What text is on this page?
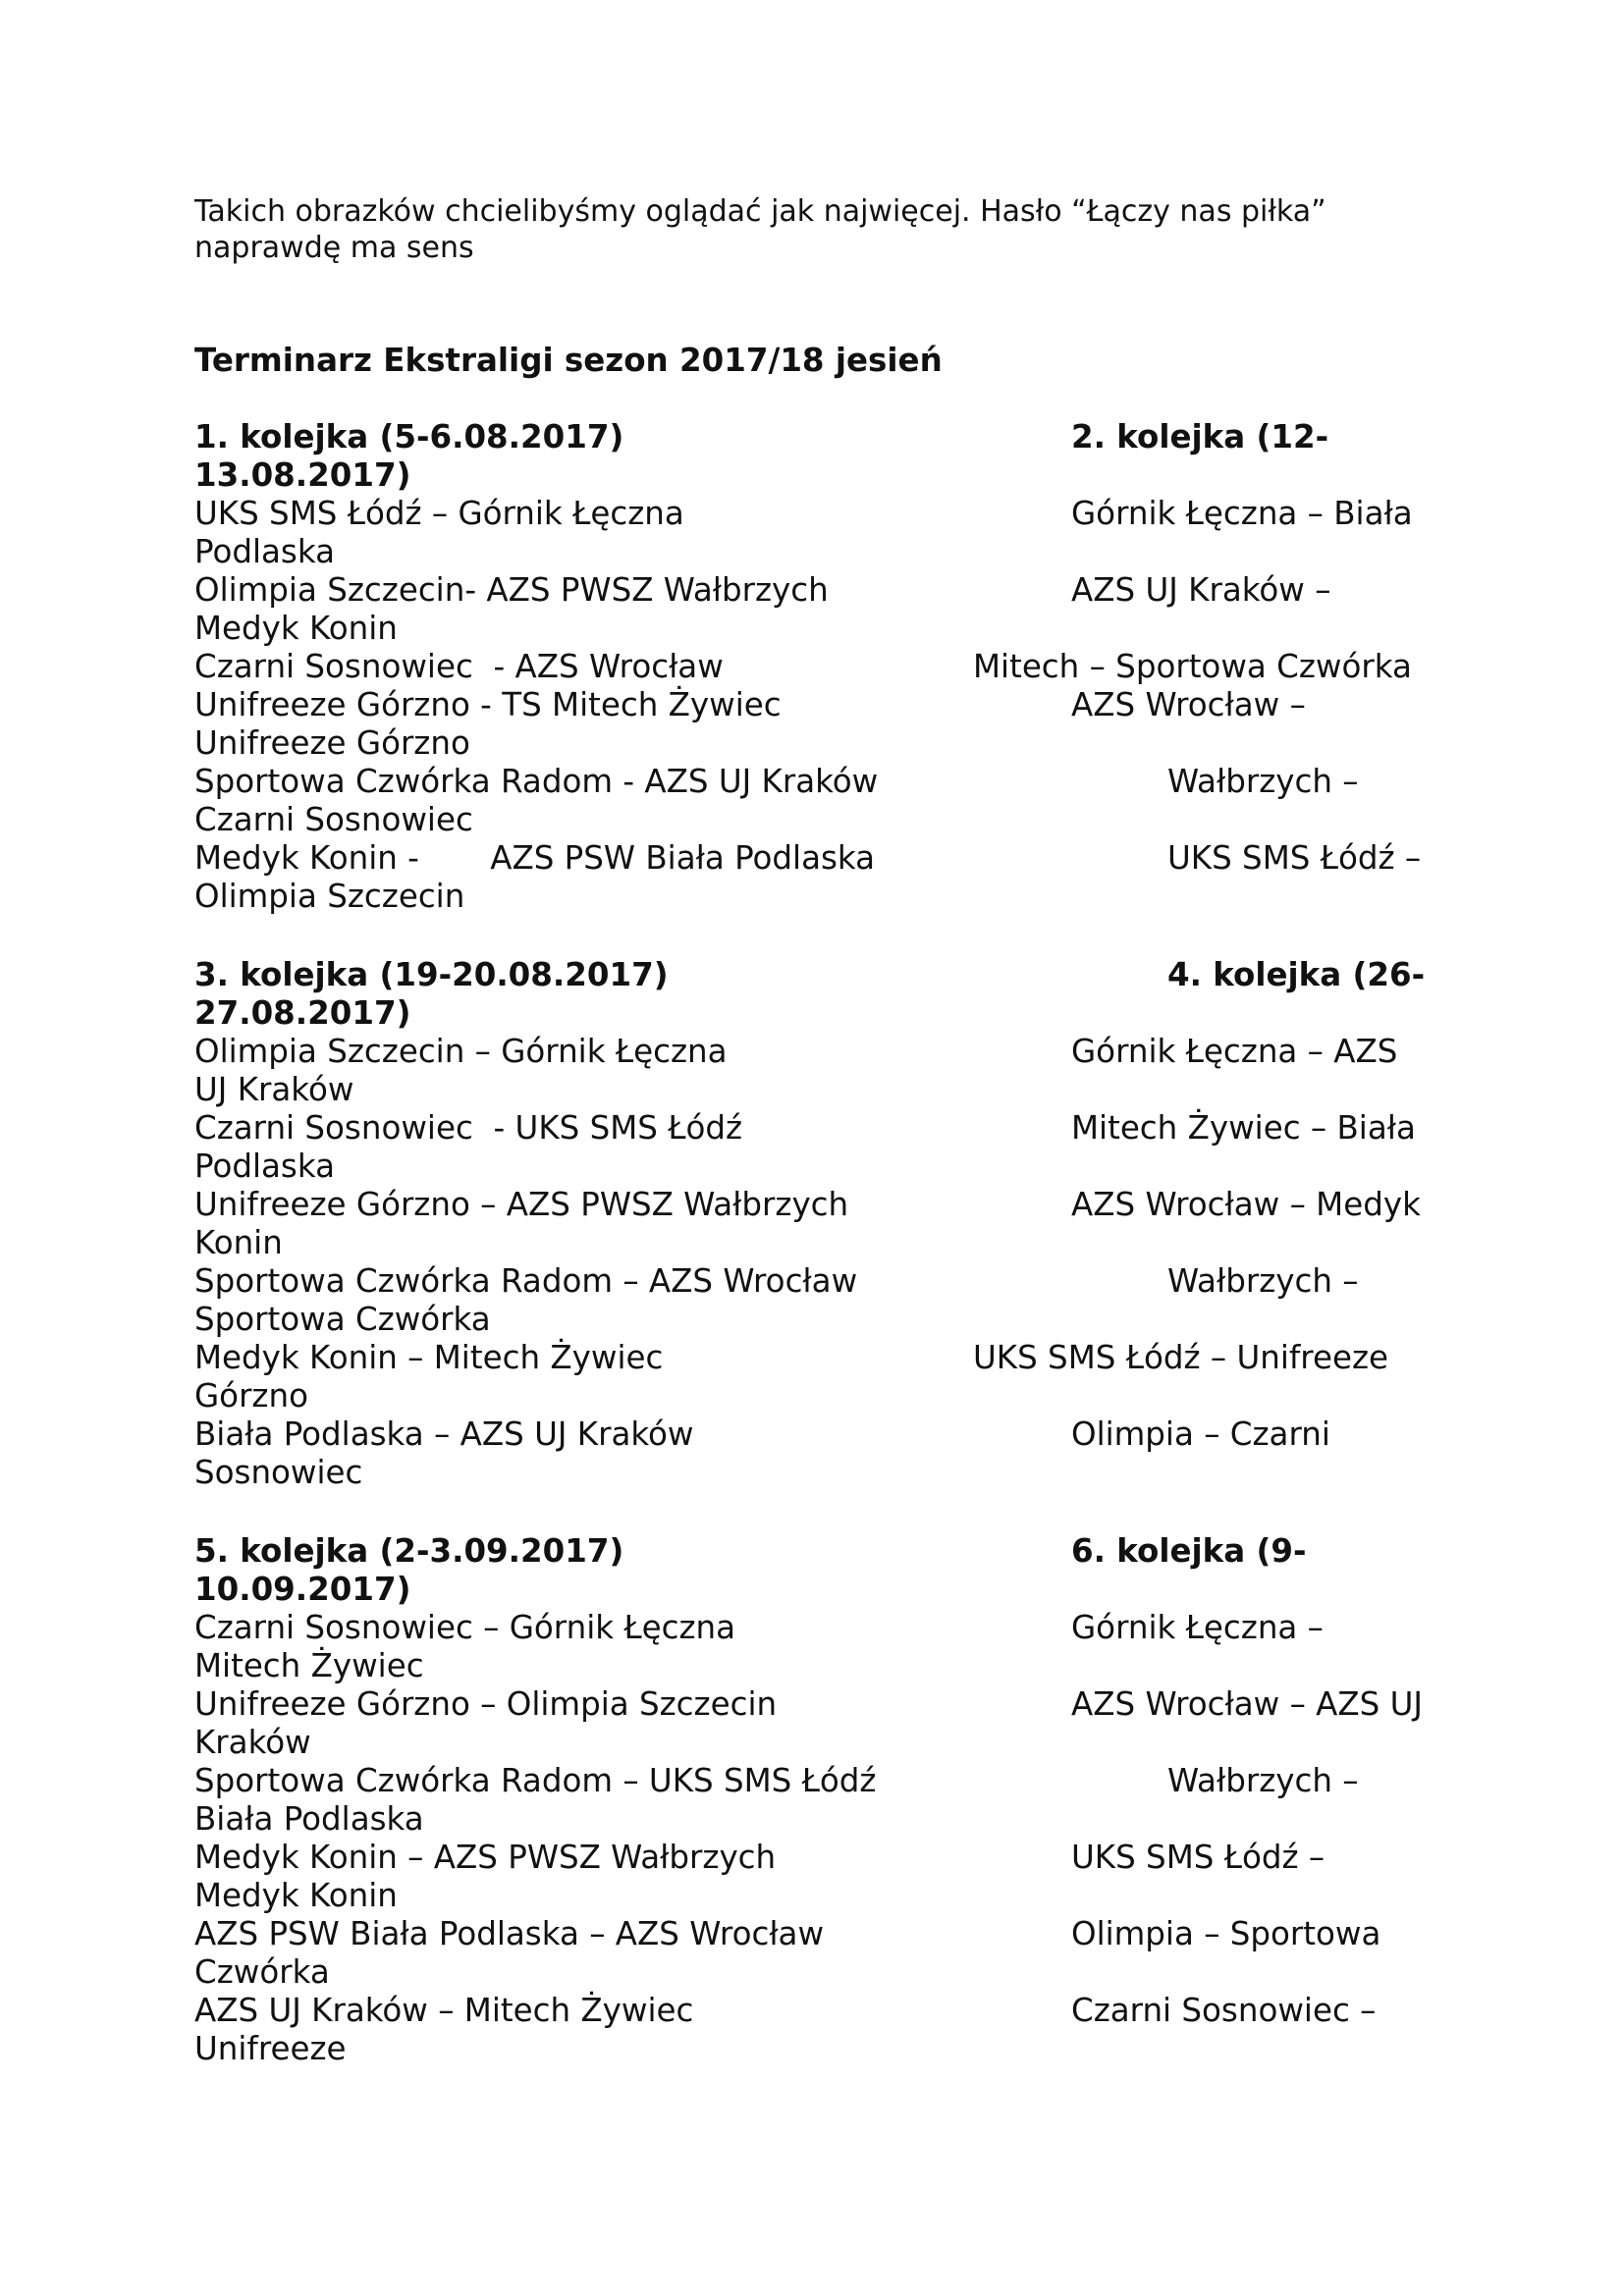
Takich obrazków chcielibyśmy oglądać jak najwięcej. Hasło “Łączy nas piłka”
naprawdę ma sens
Terminarz Ekstraligi sezon 2017/18 jesień
1. kolejka (5-6.08.2017)	2. kolejka (12-
13.08.2017)
UKS SMS Łódź – Górnik Łęczna	Górnik Łęczna – Biała
Podlaska
Olimpia Szczecin- AZS PWSZ Wałbrzych	AZS UJ Kraków –
Medyk Konin
Czarni Sosnowiec  - AZS Wrocław	Mitech – Sportowa Czwórka
Unifreeze Górzno - TS Mitech Żywiec	AZS Wrocław –
Unifreeze Górzno
Sportowa Czwórka Radom - AZS UJ Kraków	Wałbrzych –
Czarni Sosnowiec
Medyk Konin -       AZS PSW Biała Podlaska	UKS SMS Łódź –
Olimpia Szczecin
3. kolejka (19-20.08.2017)	4. kolejka (26-
27.08.2017)
Olimpia Szczecin – Górnik Łęczna	Górnik Łęczna – AZS
UJ Kraków
Czarni Sosnowiec  - UKS SMS Łódź	Mitech Żywiec – Biała
Podlaska
Unifreeze Górzno – AZS PWSZ Wałbrzych	AZS Wrocław – Medyk
Konin
Sportowa Czwórka Radom – AZS Wrocław	Wałbrzych –
Sportowa Czwórka
Medyk Konin – Mitech Żywiec	UKS SMS Łódź – Unifreeze
Górzno
Biała Podlaska – AZS UJ Kraków	Olimpia – Czarni
Sosnowiec
5. kolejka (2-3.09.2017)	6. kolejka (9-
10.09.2017)
Czarni Sosnowiec – Górnik Łęczna	Górnik Łęczna –
Mitech Żywiec
Unifreeze Górzno – Olimpia Szczecin	AZS Wrocław – AZS UJ
Kraków
Sportowa Czwórka Radom – UKS SMS Łódź	Wałbrzych –
Biała Podlaska
Medyk Konin – AZS PWSZ Wałbrzych	UKS SMS Łódź –
Medyk Konin
AZS PSW Biała Podlaska – AZS Wrocław	Olimpia – Sportowa
Czwórka
AZS UJ Kraków – Mitech Żywiec	Czarni Sosnowiec –
Unifreeze
